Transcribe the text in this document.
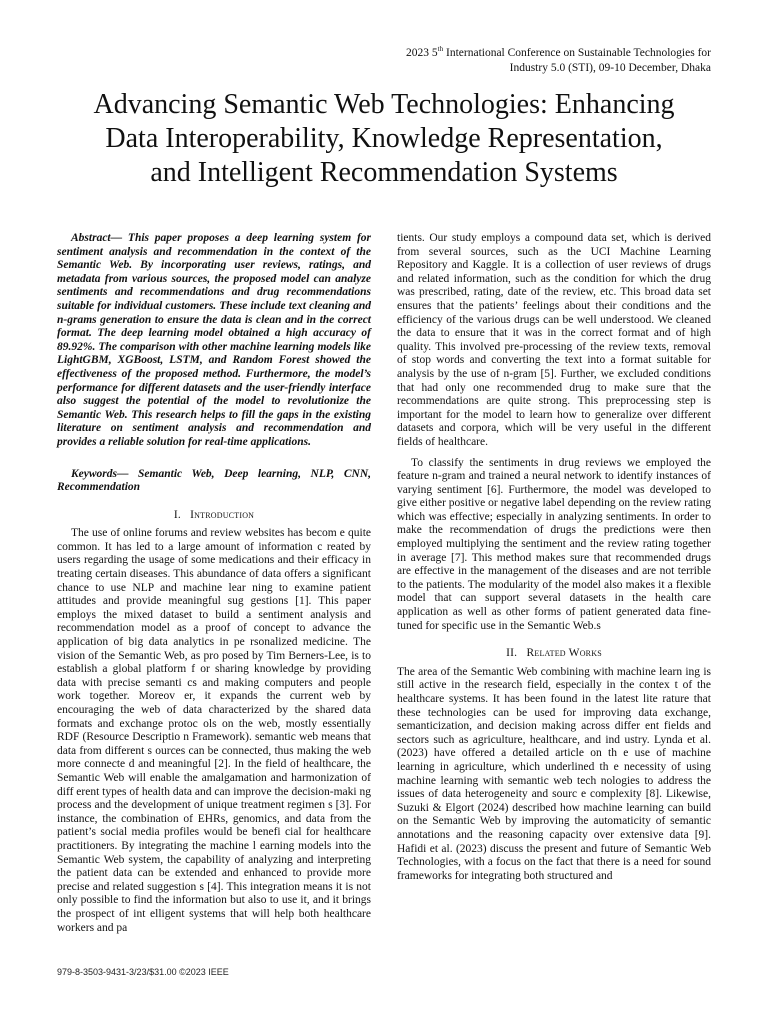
2023 5th International Conference on Sustainable Technologies for
Industry 5.0 (STI), 09-10 December, Dhaka
Advancing Semantic Web Technologies: Enhancing
Data Interoperability, Knowledge Representation,
and Intelligent Recommendation Systems

Abstract— This paper proposes a deep learning system for sentiment analysis and recommendation in the context of the Semantic Web. By incorporating user reviews, ratings, and metadata from various sources, the proposed model can analyze sentiments and recommendations and drug recommendations suitable for individual customers. These include text cleaning and n-grams generation to ensure the data is clean and in the correct format. The deep learning model obtained a high accuracy of 89.92%. The comparison with other machine learning models like LightGBM, XGBoost, LSTM, and Random Forest showed the effectiveness of the proposed method. Furthermore, the model’s performance for different datasets and the user-friendly interface also suggest the potential of the model to revolutionize the Semantic Web. This research helps to fill the gaps in the existing literature on sentiment analysis and recommendation and provides a reliable solution for real-time applications.

Keywords— Semantic Web, Deep learning, NLP, CNN, Recommendation

I. Introduction

The use of online forums and review websites has becom e quite common. It has led to a large amount of information c reated by users regarding the usage of some medications and their efficacy in treating certain diseases. This abundance of data offers a significant chance to use NLP and machine lear ning to examine patient attitudes and provide meaningful sug gestions [1]. This paper employs the mixed dataset to build a sentiment analysis and recommendation model as a proof of concept to advance the application of big data analytics in pe rsonalized medicine. The vision of the Semantic Web, as pro posed by Tim Berners-Lee, is to establish a global platform f or sharing knowledge by providing data with precise semanti cs and making computers and people work together. Moreov er, it expands the current web by encouraging the web of data characterized by the shared data formats and exchange protoc ols on the web, mostly essentially RDF (Resource Descriptio n Framework). semantic web means that data from different s ources can be connected, thus making the web more connecte d and meaningful [2]. In the field of healthcare, the Semantic Web will enable the amalgamation and harmonization of diff erent types of health data and can improve the decision-maki ng process and the development of unique treatment regimen s [3]. For instance, the combination of EHRs, genomics, and data from the patient’s social media profiles would be benefi cial for healthcare practitioners. By integrating the machine l earning models into the Semantic Web system, the capability of analyzing and interpreting the patient data can be extended and enhanced to provide more precise and related suggestion s [4]. This integration means it is not only possible to find the information but also to use it, and it brings the prospect of int elligent systems that will help both healthcare workers and pa

tients. Our study employs a compound data set, which is derived from several sources, such as the UCI Machine Learning Repository and Kaggle. It is a collection of user reviews of drugs and related information, such as the condition for which the drug was prescribed, rating, date of the review, etc. This broad data set ensures that the patients’ feelings about their conditions and the efficiency of the various drugs can be well understood. We cleaned the data to ensure that it was in the correct format and of high quality. This involved pre-processing of the review texts, removal of stop words and converting the text into a format suitable for analysis by the use of n-gram [5]. Further, we excluded conditions that had only one recommended drug to make sure that the recommendations are quite strong. This preprocessing step is important for the model to learn how to generalize over different datasets and corpora, which will be very useful in the different fields of healthcare.

To classify the sentiments in drug reviews we employed the feature n-gram and trained a neural network to identify instances of varying sentiment [6]. Furthermore, the model was developed to give either positive or negative label depending on the review rating which was effective; especially in analyzing sentiments. In order to make the recommendation of drugs the predictions were then employed multiplying the sentiment and the review rating together in average [7]. This method makes sure that recommended drugs are effective in the management of the diseases and are not terrible to the patients. The modularity of the model also makes it a flexible model that can support several datasets in the health care application as well as other forms of patient generated data fine-tuned for specific use in the Semantic Web.s

II. Related Works

The area of the Semantic Web combining with machine learn ing is still active in the research field, especially in the contex t of the healthcare systems. It has been found in the latest lite rature that these technologies can be used for improving data exchange, semanticization, and decision making across differ ent fields and sectors such as agriculture, healthcare, and ind ustry. Lynda et al. (2023) have offered a detailed article on th e use of machine learning in agriculture, which underlined th e necessity of using machine learning with semantic web tech nologies to address the issues of data heterogeneity and sourc e complexity [8]. Likewise, Suzuki & Elgort (2024) described how machine learning can build on the Semantic Web by improving the automaticity of semantic annotations and the reasoning capacity over extensive data [9]. Hafidi et al. (2023) discuss the present and future of Semantic Web Technologies, with a focus on the fact that there is a need for sound frameworks for integrating both structured and

979-8-3503-9431-3/23/$31.00 ©2023 IEEE
